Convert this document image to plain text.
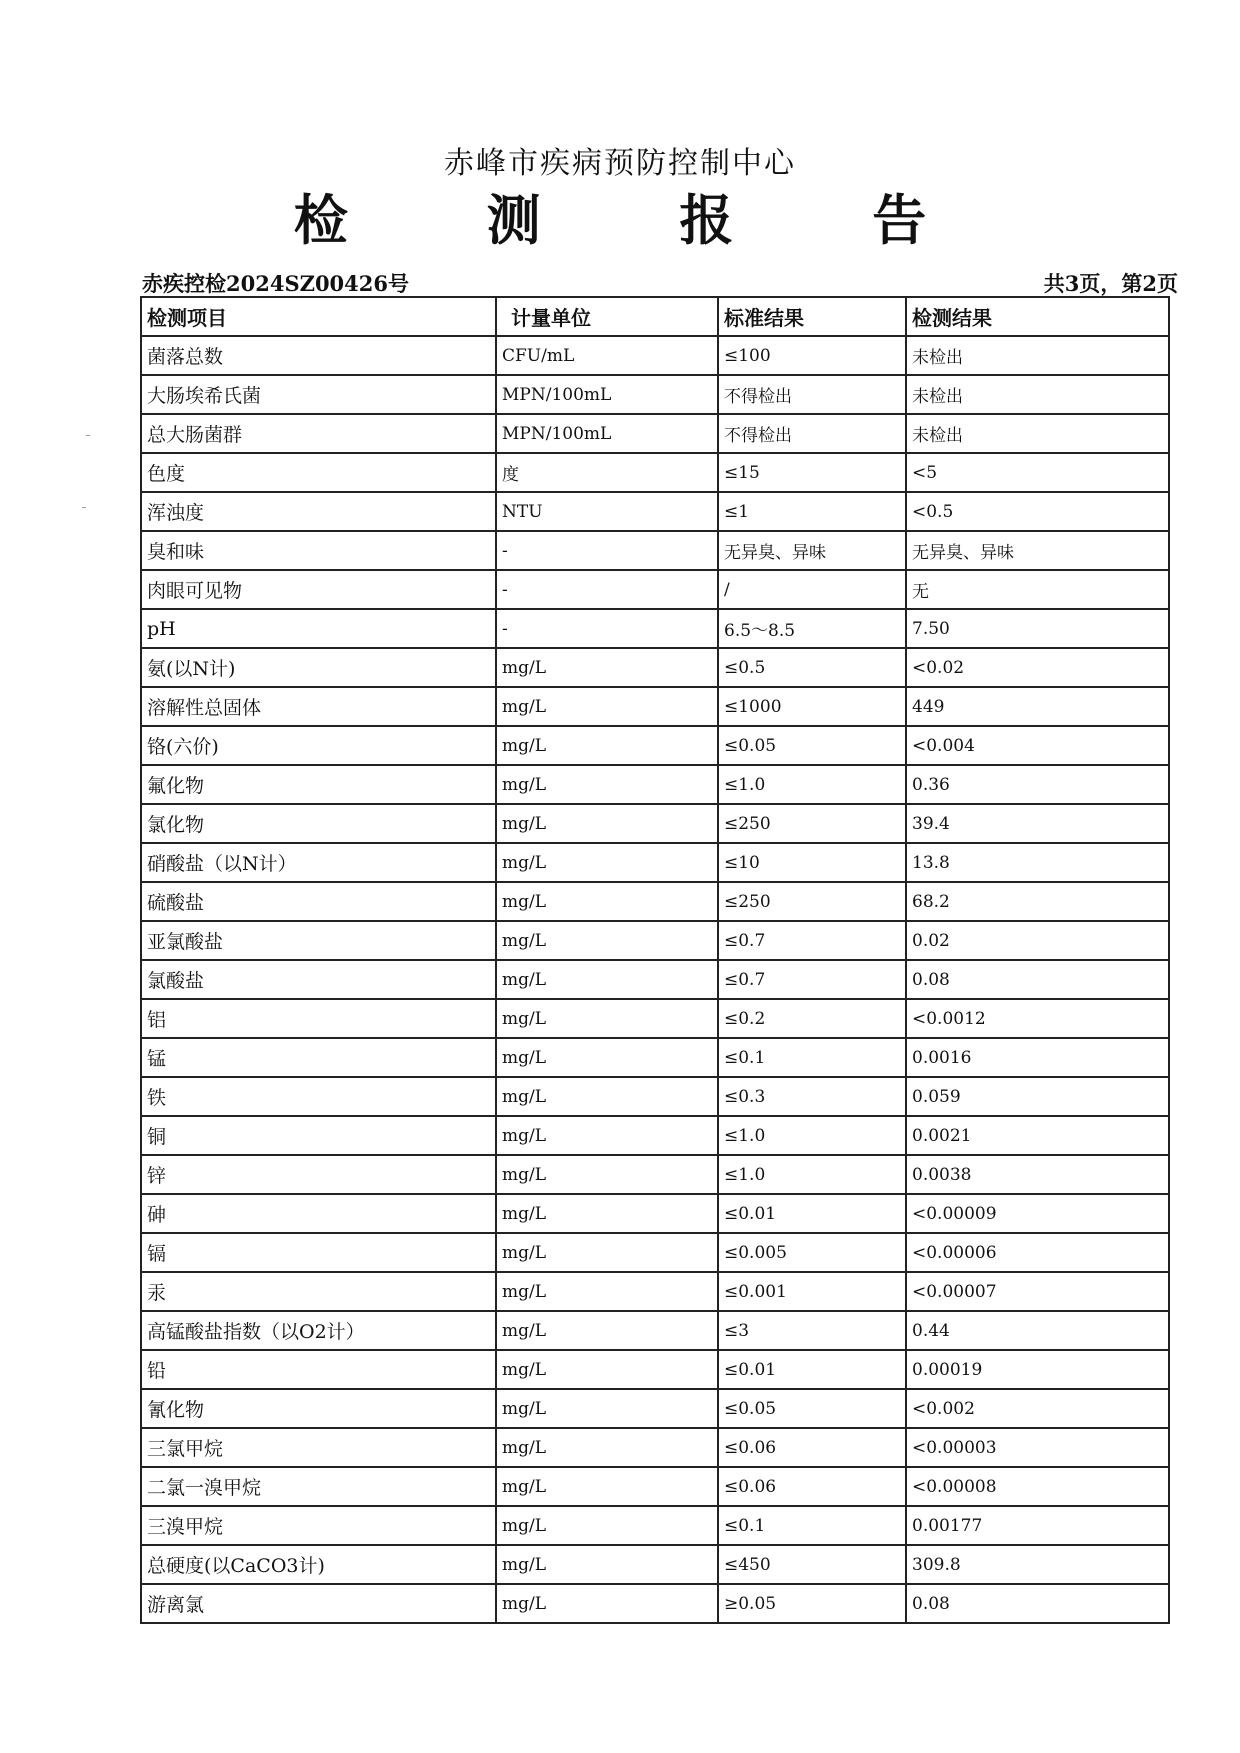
赤峰市疾病预防控制中心
检 测 报 告
赤疾控检2024SZ00426号	共3页，第2页
检测项目	计量单位	标准结果	检测结果
菌落总数	CFU/mL	≤100	未检出
大肠埃希氏菌	MPN/100mL	不得检出	未检出
总大肠菌群	MPN/100mL	不得检出	未检出
色度	度	≤15	<5
浑浊度	NTU	≤1	<0.5
臭和味	-	无异臭、异味	无异臭、异味
肉眼可见物	-	/	无
pH	-	6.5～8.5	7.50
氨(以N计)	mg/L	≤0.5	<0.02
溶解性总固体	mg/L	≤1000	449
铬(六价)	mg/L	≤0.05	<0.004
氟化物	mg/L	≤1.0	0.36
氯化物	mg/L	≤250	39.4
硝酸盐（以N计）	mg/L	≤10	13.8
硫酸盐	mg/L	≤250	68.2
亚氯酸盐	mg/L	≤0.7	0.02
氯酸盐	mg/L	≤0.7	0.08
铝	mg/L	≤0.2	<0.0012
锰	mg/L	≤0.1	0.0016
铁	mg/L	≤0.3	0.059
铜	mg/L	≤1.0	0.0021
锌	mg/L	≤1.0	0.0038
砷	mg/L	≤0.01	<0.00009
镉	mg/L	≤0.005	<0.00006
汞	mg/L	≤0.001	<0.00007
高锰酸盐指数（以O2计）	mg/L	≤3	0.44
铅	mg/L	≤0.01	0.00019
氰化物	mg/L	≤0.05	<0.002
三氯甲烷	mg/L	≤0.06	<0.00003
二氯一溴甲烷	mg/L	≤0.06	<0.00008
三溴甲烷	mg/L	≤0.1	0.00177
总硬度(以CaCO3计)	mg/L	≤450	309.8
游离氯	mg/L	≥0.05	0.08
